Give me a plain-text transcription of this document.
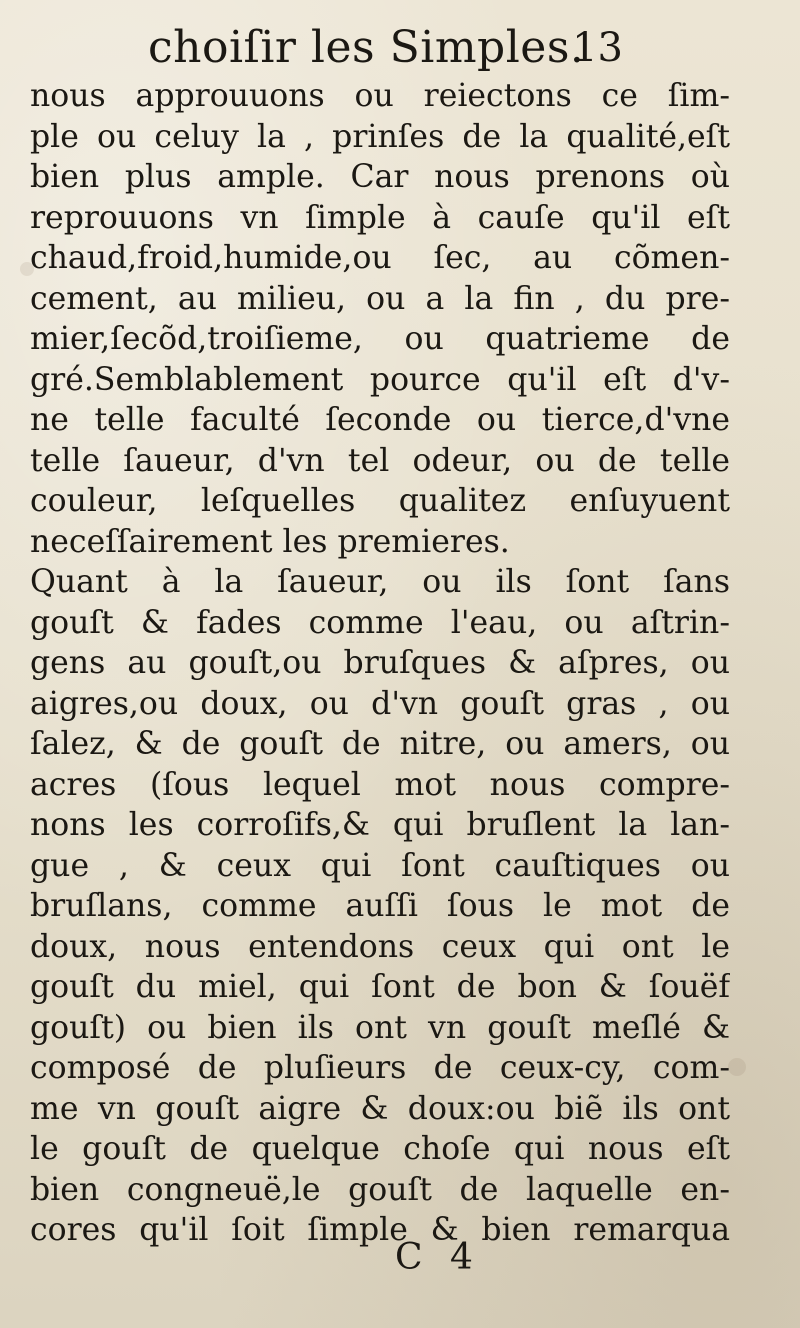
choiſir les Simples.
13
nous approuuons ou reiectons ce ſim-
ple ou celuy la , prinſes de la qualité,eſt
bien plus ample. Car nous prenons où
reprouuons vn ſimple à cauſe qu'il eſt
chaud,froid,humide,ou ſec, au cõmen-
cement, au milieu, ou a la fin , du pre-
mier,ſecõd,troiſieme, ou quatrieme de
gré.Semblablement pource qu'il eſt d'v-
ne telle faculté ſeconde ou tierce,d'vne
telle ſaueur, d'vn tel odeur, ou de telle
couleur, leſquelles qualitez enſuyuent
neceſſairement les premieres.
Quant à la ſaueur, ou ils ſont ſans
gouſt & fades comme l'eau, ou aſtrin-
gens au gouſt,ou bruſques & aſpres, ou
aigres,ou doux, ou d'vn gouſt gras , ou
ſalez, & de gouſt de nitre, ou amers, ou
acres (ſous lequel mot nous compre-
nons les corroſifs,& qui bruſlent la lan-
gue , & ceux qui ſont cauſtiques ou
bruſlans, comme auſſi ſous le mot de
doux, nous entendons ceux qui ont le
gouſt du miel, qui ſont de bon & ſouëf
gouſt) ou bien ils ont vn gouſt meſlé &
composé de pluſieurs de ceux-cy, com-
me vn gouſt aigre & doux:ou biẽ ils ont
le gouſt de quelque choſe qui nous eſt
bien congneuë,le gouſt de laquelle en-
cores qu'il ſoit ſimple & bien remarqua
C 4
